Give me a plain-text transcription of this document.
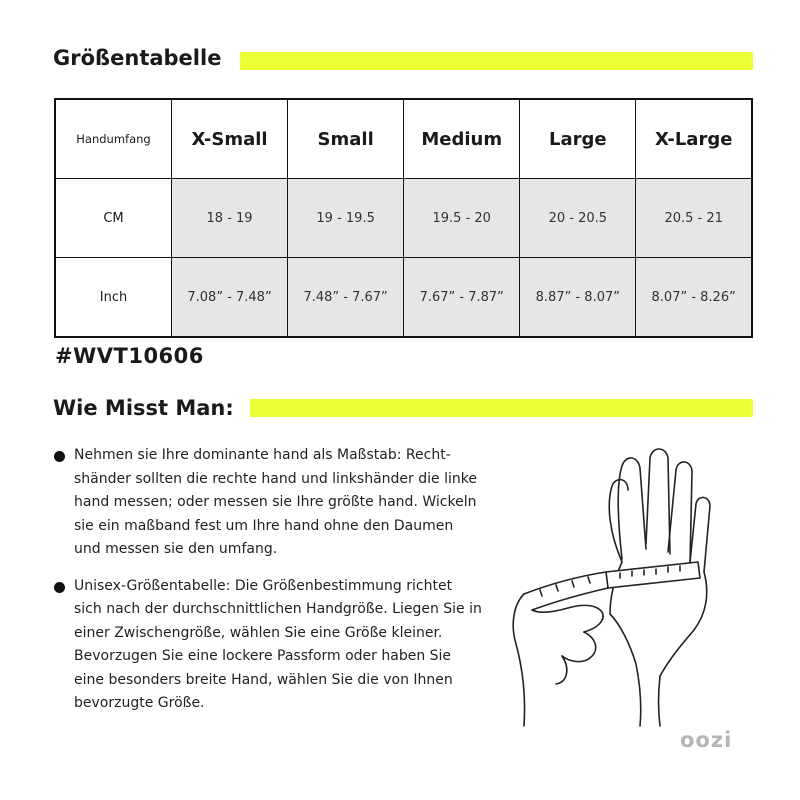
Größentabelle
Handumfang	X-Small	Small	Medium	Large	X-Large
CM	18 - 19	19 - 19.5	19.5 - 20	20 - 20.5	20.5 - 21
Inch	7.08” - 7.48”	7.48” - 7.67”	7.67” - 7.87”	8.87” - 8.07”	8.07” - 8.26”
#WVT10606
Wie Misst Man:
Nehmen sie Ihre dominante hand als Maßstab: Recht-shänder sollten die rechte hand und linkshänder die linke hand messen; oder messen sie Ihre größte hand. Wickeln sie ein maßband fest um Ihre hand ohne den Daumen und messen sie den umfang.
Unisex-Größentabelle: Die Größenbestimmung richtet sich nach der durchschnittlichen Handgröße. Liegen Sie in einer Zwischengröße, wählen Sie eine Größe kleiner. Bevorzugen Sie eine lockere Passform oder haben Sie eine besonders breite Hand, wählen Sie die von Ihnen bevorzugte Größe.
oozi
